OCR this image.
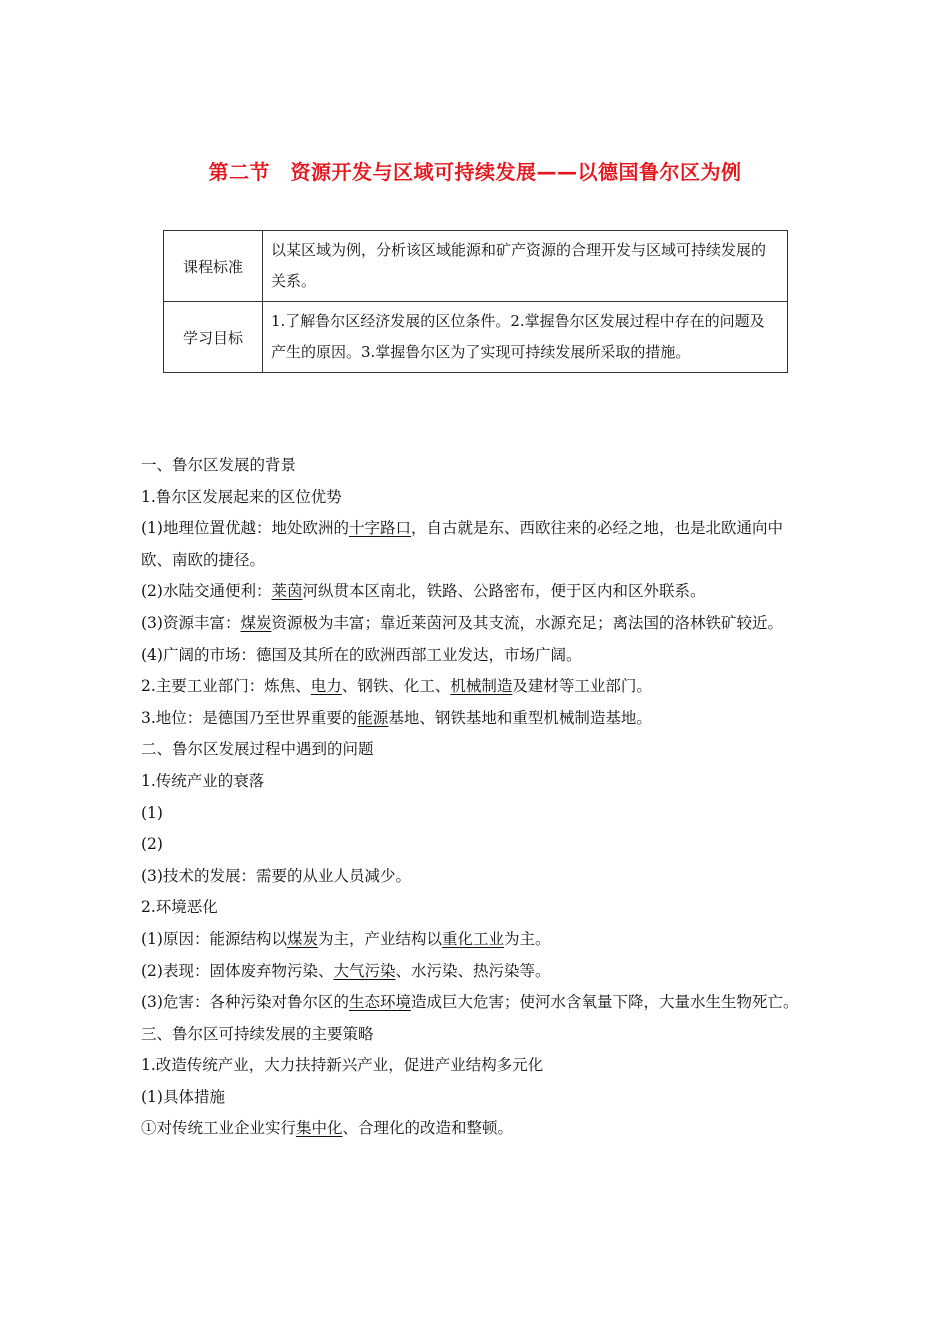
第二节　资源开发与区域可持续发展——以德国鲁尔区为例
课程标准	以某区域为例，分析该区域能源和矿产资源的合理开发与区域可持续发展的关系。
学习目标	1.了解鲁尔区经济发展的区位条件。2.掌握鲁尔区发展过程中存在的问题及产生的原因。3.掌握鲁尔区为了实现可持续发展所采取的措施。

一、鲁尔区发展的背景

1.鲁尔区发展起来的区位优势

(1)地理位置优越：地处欧洲的十字路口，自古就是东、西欧往来的必经之地，也是北欧通向中欧、南欧的捷径。

(2)水陆交通便利：莱茵河纵贯本区南北，铁路、公路密布，便于区内和区外联系。

(3)资源丰富：煤炭资源极为丰富；靠近莱茵河及其支流，水源充足；离法国的洛林铁矿较近。

(4)广阔的市场：德国及其所在的欧洲西部工业发达，市场广阔。

2.主要工业部门：炼焦、电力、钢铁、化工、机械制造及建材等工业部门。

3.地位：是德国乃至世界重要的能源基地、钢铁基地和重型机械制造基地。

二、鲁尔区发展过程中遇到的问题

1.传统产业的衰落

(1)

(2)

(3)技术的发展：需要的从业人员减少。

2.环境恶化

(1)原因：能源结构以煤炭为主，产业结构以重化工业为主。

(2)表现：固体废弃物污染、大气污染、水污染、热污染等。

(3)危害：各种污染对鲁尔区的生态环境造成巨大危害；使河水含氧量下降，大量水生生物死亡。

三、鲁尔区可持续发展的主要策略

1.改造传统产业，大力扶持新兴产业，促进产业结构多元化

(1)具体措施

①对传统工业企业实行集中化、合理化的改造和整顿。
